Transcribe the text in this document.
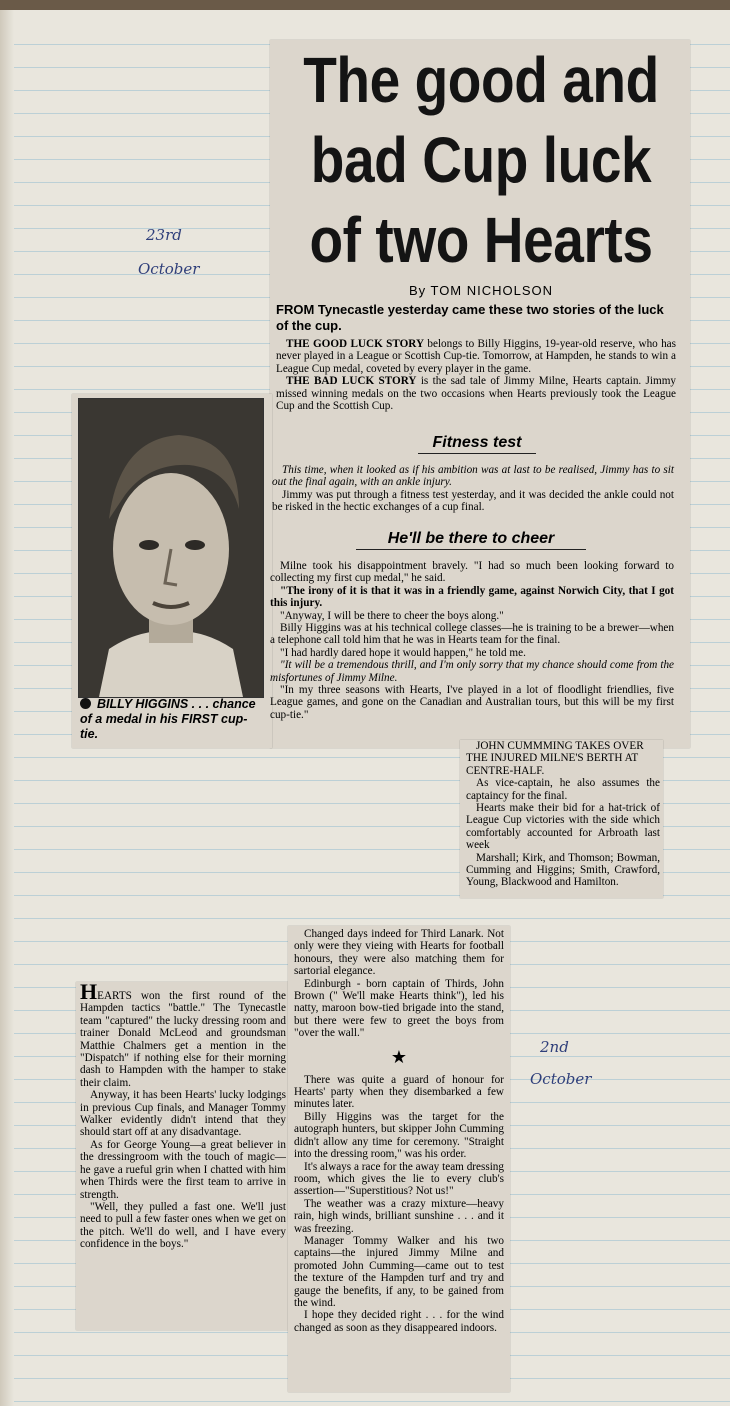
23rd
October
2nd
October
The good and bad Cup luck of two Hearts
By TOM NICHOLSON
FROM Tynecastle yesterday came these two stories of the luck of the cup.

THE GOOD LUCK STORY belongs to Billy Higgins, 19-year-old reserve, who has never played in a League or Scottish Cup-tie. Tomorrow, at Hampden, he stands to win a League Cup medal, coveted by every player in the game.

THE BAD LUCK STORY is the sad tale of Jimmy Milne, Hearts captain. Jimmy missed winning medals on the two occasions when Hearts previously took the League Cup and the Scottish Cup.

Fitness test

This time, when it looked as if his ambition was at last to be realised, Jimmy has to sit out the final again, with an ankle injury.

Jimmy was put through a fitness test yesterday, and it was decided the ankle could not be risked in the hectic exchanges of a cup final.

He'll be there to cheer

Milne took his disappointment bravely. "I had so much been looking forward to collecting my first cup medal," he said.

"The irony of it is that it was in a friendly game, against Norwich City, that I got this injury.

"Anyway, I will be there to cheer the boys along."

Billy Higgins was at his technical college classes—he is training to be a brewer—when a telephone call told him that he was in Hearts team for the final.

"I had hardly dared hope it would happen," he told me.

"It will be a tremendous thrill, and I'm only sorry that my chance should come from the misfortunes of Jimmy Milne.

"In my three seasons with Hearts, I've played in a lot of floodlight friendlies, five League games, and gone on the Canadian and Australian tours, but this will be my first cup-tie."

JOHN CUMMMING TAKES OVER THE INJURED MILNE'S BERTH AT CENTRE-HALF.

As vice-captain, he also assumes the captaincy for the final.

Hearts make their bid for a hat-trick of League Cup victories with the side which comfortably accounted for Arbroath last week

Marshall; Kirk, and Thomson; Bowman, Cumming and Higgins; Smith, Crawford, Young, Blackwood and Hamilton.

BILLY HIGGINS . . . chance of a medal in his FIRST cup-tie.

HEARTS won the first round of the Hampden tactics "battle." The Tynecastle team "captured" the lucky dressing room and trainer Donald McLeod and groundsman Matthie Chalmers get a mention in the "Dispatch" if nothing else for their morning dash to Hampden with the hamper to stake their claim.

Anyway, it has been Hearts' lucky lodgings in previous Cup finals, and Manager Tommy Walker evidently didn't intend that they should start off at any disadvantage.

As for George Young—a great believer in the dressingroom with the touch of magic—he gave a rueful grin when I chatted with him when Thirds were the first team to arrive in strength.

"Well, they pulled a fast one. We'll just need to pull a few faster ones when we get on the pitch. We'll do well, and I have every confidence in the boys."

Changed days indeed for Third Lanark. Not only were they vieing with Hearts for football honours, they were also matching them for sartorial elegance.

Edinburgh - born captain of Thirds, John Brown (" We'll make Hearts think"), led his natty, maroon bow-tied brigade into the stand, but there were few to greet the boys from "over the wall."

★

There was quite a guard of honour for Hearts' party when they disembarked a few minutes later.

Billy Higgins was the target for the autograph hunters, but skipper John Cumming didn't allow any time for ceremony. "Straight into the dressing room," was his order.

It's always a race for the away team dressing room, which gives the lie to every club's assertion—"Superstitious? Not us!"

The weather was a crazy mixture—heavy rain, high winds, brilliant sunshine . . . and it was freezing.

Manager Tommy Walker and his two captains—the injured Jimmy Milne and promoted John Cumming—came out to test the texture of the Hampden turf and try and gauge the benefits, if any, to be gained from the wind.

I hope they decided right . . . for the wind changed as soon as they disappeared indoors.
